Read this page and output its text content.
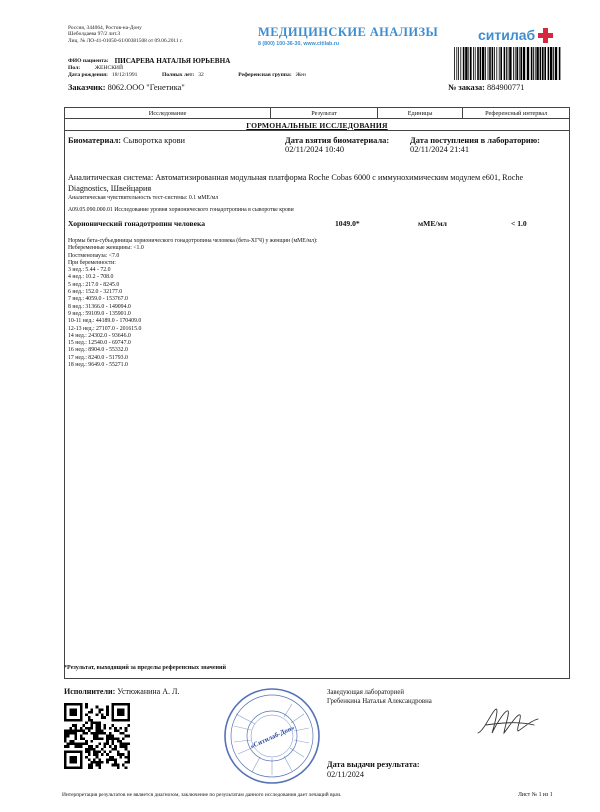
Россия, 344064, Ростов-на-Дону
Шеболдаева 97/2 лит.З
Лиц. № ЛО-41-01050-61/00381508 от 09.06.2011 г.
МЕДИЦИНСКИЕ АНАЛИЗЫ
8 (800) 100-36-30, www.citilab.ru
ситилаб
ФИО пациента: ПИСАРЕВА НАТАЛЬЯ ЮРЬЕВНА
Пол:	ЖЕНСКИЙ
Дата рождения: 18/12/1991	Полных лет: 32	Референсная группа: Жен
Заказчик: 8062.ООО "Генетика"	№ заказа: 884900771
Исследование	Результат	Единицы	Референсный интервал
ГОРМОНАЛЬНЫЕ ИССЛЕДОВАНИЯ
Биоматериал: Сыворотка крови	Дата взятия биоматериала:
02/11/2024 10:40
Дата поступления в лабораторию:
02/11/2024 21:41
Аналитическая система: Автоматизированная модульная платформа Roche Cobas 6000 с иммунохимическим модулем е601, Roche Diagnostics, Швейцария
Аналитическая чувствительность тест-системы: 0.1 мМЕ/мл
А09.05.090.000.01 Исследование уровня хорионического гонадотропина в сыворотке крови
Хорионический гонадотропин человека	1049.0*	мМЕ/мл	< 1.0
Нормы бета-субъединицы хорионического гонадотропина человека (бета-ХГЧ) у женщин (мМЕ/мл):
Небеременные женщины: <1.0
Постменопауза: <7.0
При беременности:
3 нед.: 5.44 - 72.0
4 нед.: 10.2 - 708.0
5 нед.: 217.0 - 8245.0
6 нед.: 152.0 - 32177.0
7 нед.: 4059.0 - 153767.0
8 нед.: 31366.0 - 149094.0
9 нед.: 59109.0 - 135901.0
10-11 нед.: 44189.0 - 170409.0
12-13 нед.: 27107.0 - 201615.0
14 нед.: 24302.0 - 93646.0
15 нед.: 12540.0 - 69747.0
16 нед.: 8904.0 - 55332.0
17 нед.: 8240.0 - 51793.0
18 нед.: 9649.0 - 55271.0
*Результат, выходящий за пределы референсных значений
Исполнители: Устюжанина А. Л.	Заведующая лабораторией
Гребенкина Наталья Александровна
«Ситилаб-Дон»
Дата выдачи результата:
02/11/2024
Интерпретация результатов не является диагнозом, заключение по результатам данного исследования дает лечащий врач.	Лист № 1 из 1
